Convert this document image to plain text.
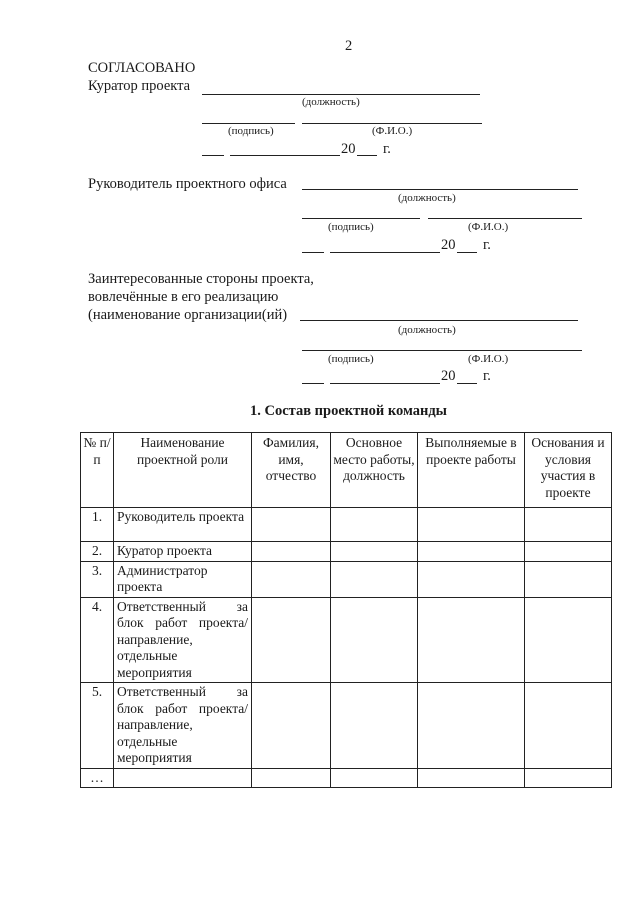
2
СОГЛАСОВАНО
Куратор проекта
(должность)
(подпись)	(Ф.И.О.)
20 г.
Руководитель проектного офиса
(должность)
(подпись)	(Ф.И.О.)
20 г.
Заинтересованные стороны проекта,
вовлечённые в его реализацию
(наименование организации(ий)
(должность)
(подпись)	(Ф.И.О.)
20 г.
1. Состав проектной команды
№ п/п	Наименование проектной роли	Фамилия, имя, отчество	Основное место работы, должность	Выполняемые в проекте работы	Основания и условия участия в проекте
1.	Руководитель проекта				
2.	Куратор проекта				
3.	Администратор проекта				
4.	Ответственный за блок работ проекта/направление, отдельные мероприятия				
5.	Ответственный за блок работ проекта/направление, отдельные мероприятия				
…					
